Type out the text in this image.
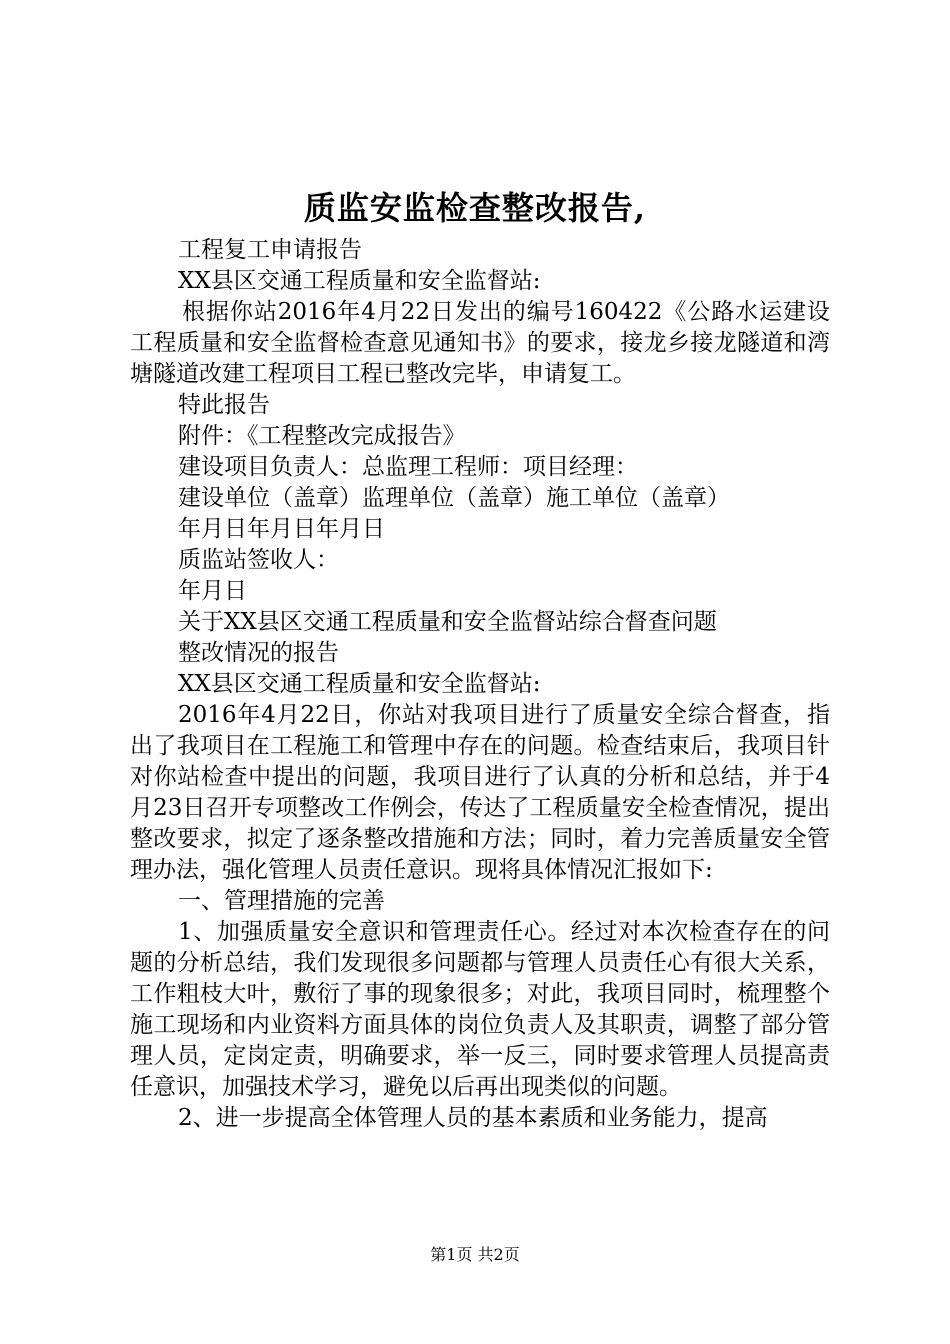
质监安监检查整改报告,

工程复工申请报告

XX县区交通工程质量和安全监督站:

根据你站2016年4月22日发出的编号160422《公路水运建设工程质量和安全监督检查意见通知书》的要求，接龙乡接龙隧道和湾塘隧道改建工程项目工程已整改完毕，申请复工。

特此报告

附件：《工程整改完成报告》

建设项目负责人：总监理工程师：项目经理：

建设单位（盖章）监理单位（盖章）施工单位（盖章）

年月日年月日年月日

质监站签收人：

年月日

关于XX县区交通工程质量和安全监督站综合督查问题

整改情况的报告

XX县区交通工程质量和安全监督站:

2016年4月22日，你站对我项目进行了质量安全综合督查，指出了我项目在工程施工和管理中存在的问题。检查结束后，我项目针对你站检查中提出的问题，我项目进行了认真的分析和总结，并于4月23日召开专项整改工作例会，传达了工程质量安全检查情况，提出整改要求，拟定了逐条整改措施和方法；同时，着力完善质量安全管理办法，强化管理人员责任意识。现将具体情况汇报如下:

一、管理措施的完善

1、加强质量安全意识和管理责任心。经过对本次检查存在的问题的分析总结，我们发现很多问题都与管理人员责任心有很大关系，工作粗枝大叶，敷衍了事的现象很多；对此，我项目同时，梳理整个施工现场和内业资料方面具体的岗位负责人及其职责，调整了部分管理人员，定岗定责，明确要求，举一反三，同时要求管理人员提高责任意识，加强技术学习，避免以后再出现类似的问题。

2、进一步提高全体管理人员的基本素质和业务能力，提高

第1页 共2页
